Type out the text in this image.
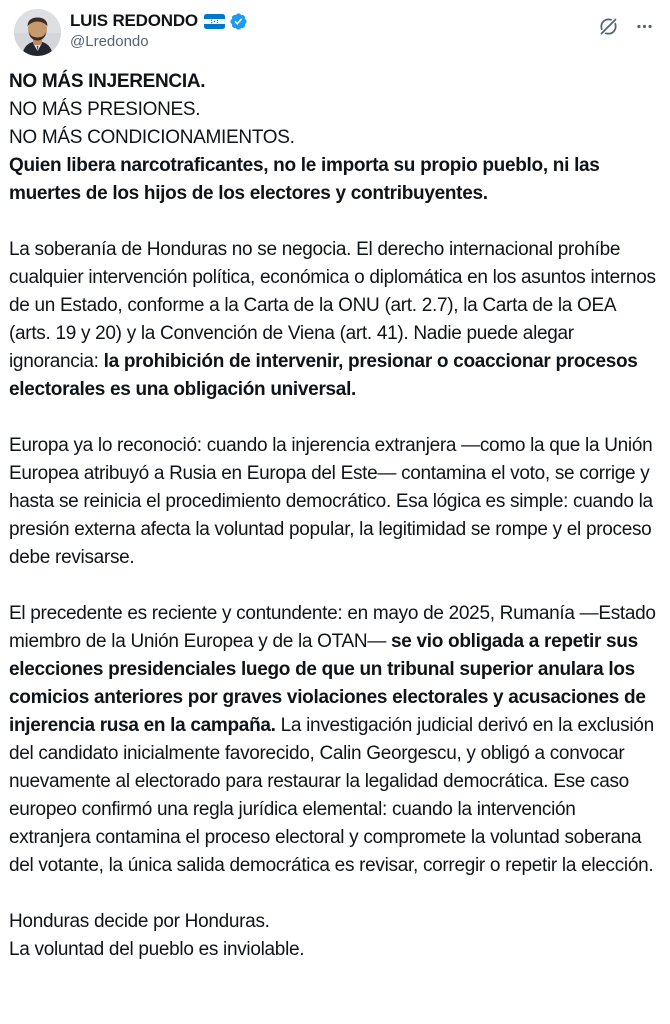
LUIS REDONDO
@Lredondo
NO MÁS INJERENCIA.
NO MÁS PRESIONES.
NO MÁS CONDICIONAMIENTOS.
Quien libera narcotraficantes, no le importa su propio pueblo, ni las muertes de los hijos de los electores y contribuyentes.
La soberanía de Honduras no se negocia. El derecho internacional prohíbe cualquier intervención política, económica o diplomática en los asuntos internos de un Estado, conforme a la Carta de la ONU (art. 2.7), la Carta de la OEA (arts. 19 y 20) y la Convención de Viena (art. 41). Nadie puede alegar ignorancia: la prohibición de intervenir, presionar o coaccionar procesos electorales es una obligación universal.
Europa ya lo reconoció: cuando la injerencia extranjera —como la que la Unión Europea atribuyó a Rusia en Europa del Este— contamina el voto, se corrige y hasta se reinicia el procedimiento democrático. Esa lógica es simple: cuando la presión externa afecta la voluntad popular, la legitimidad se rompe y el proceso debe revisarse.
El precedente es reciente y contundente: en mayo de 2025, Rumanía —Estado miembro de la Unión Europea y de la OTAN— se vio obligada a repetir sus elecciones presidenciales luego de que un tribunal superior anulara los comicios anteriores por graves violaciones electorales y acusaciones de injerencia rusa en la campaña. La investigación judicial derivó en la exclusión del candidato inicialmente favorecido, Calin Georgescu, y obligó a convocar nuevamente al electorado para restaurar la legalidad democrática. Ese caso europeo confirmó una regla jurídica elemental: cuando la intervención extranjera contamina el proceso electoral y compromete la voluntad soberana del votante, la única salida democrática es revisar, corregir o repetir la elección.
Honduras decide por Honduras.
La voluntad del pueblo es inviolable.
